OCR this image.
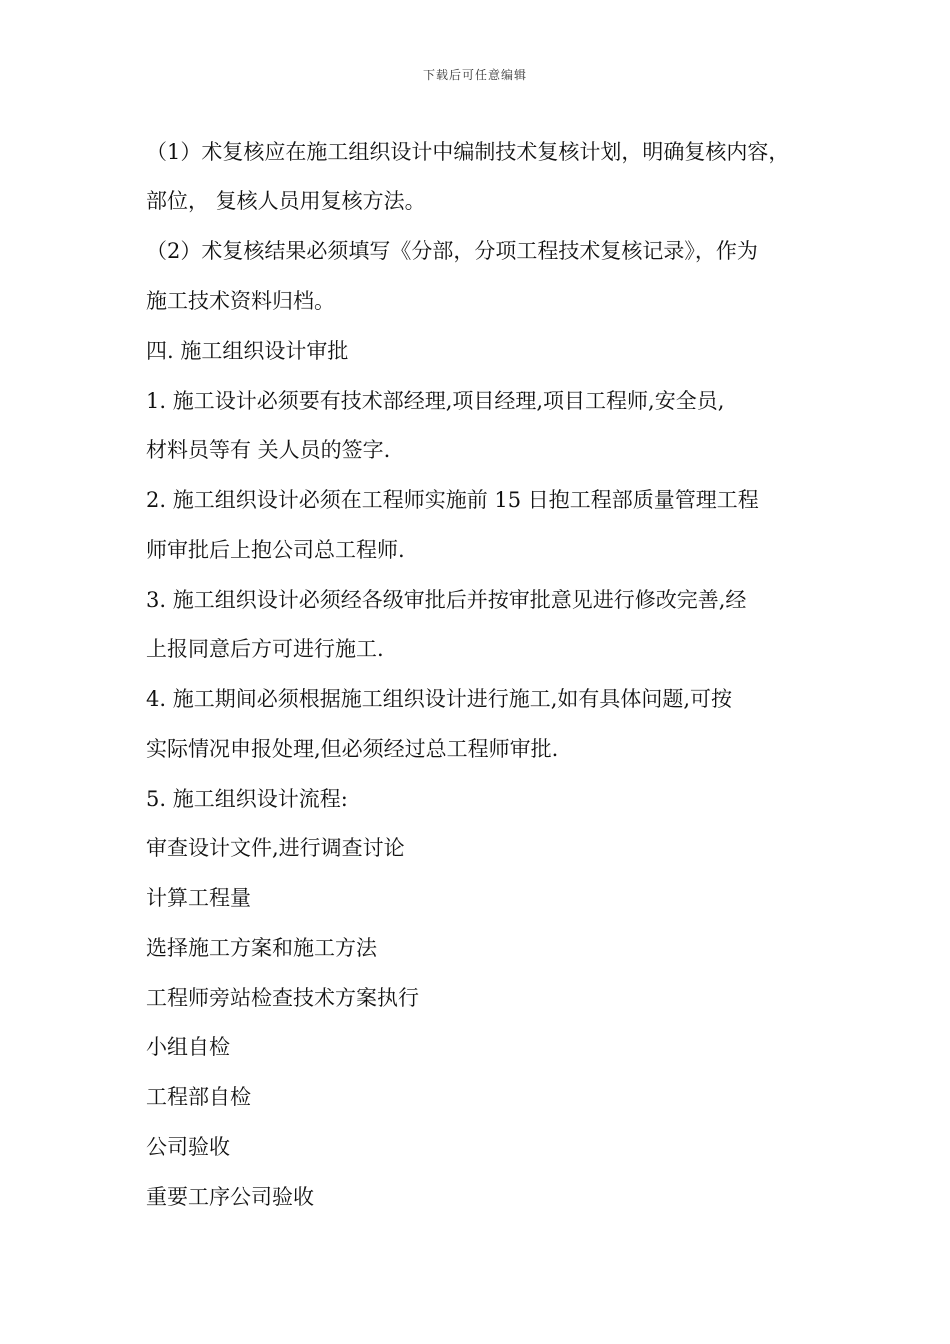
下载后可任意编辑
（1）术复核应在施工组织设计中编制技术复核计划，明确复核内容，
部位， 复核人员用复核方法。
（2）术复核结果必须填写《分部，分项工程技术复核记录》，作为
施工技术资料归档。
四. 施工组织设计审批
1. 施工设计必须要有技术部经理,项目经理,项目工程师,安全员,
材料员等有 关人员的签字.
2. 施工组织设计必须在工程师实施前 15 日抱工程部质量管理工程
师审批后上抱公司总工程师.
3. 施工组织设计必须经各级审批后并按审批意见进行修改完善,经
上报同意后方可进行施工.
4. 施工期间必须根据施工组织设计进行施工,如有具体问题,可按
实际情况申报处理,但必须经过总工程师审批.
5. 施工组织设计流程:
审查设计文件,进行调查讨论
计算工程量
选择施工方案和施工方法
工程师旁站检查技术方案执行
小组自检
工程部自检
公司验收
重要工序公司验收
